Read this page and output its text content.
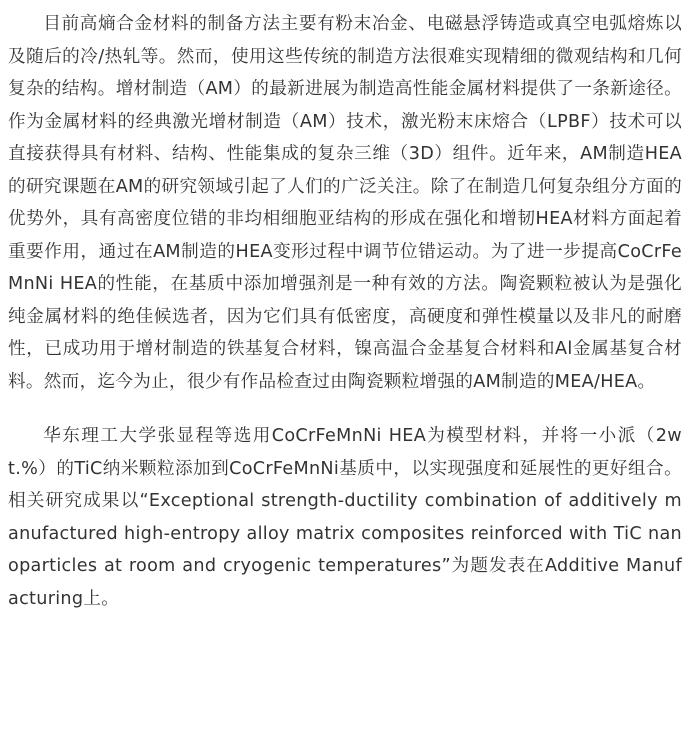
目前高熵合金材料的制备方法主要有粉末冶金、电磁悬浮铸造或真空电弧熔炼以及随后的冷/热轧等。然而，使用这些传统的制造方法很难实现精细的微观结构和几何复杂的结构。增材制造（AM）的最新进展为制造高性能金属材料提供了一条新途径。作为金属材料的经典激光增材制造（AM）技术，激光粉末床熔合（LPBF）技术可以直接获得具有材料、结构、性能集成的复杂三维（3D）组件。近年来，AM制造HEA的研究课题在AM的研究领域引起了人们的广泛关注。除了在制造几何复杂组分方面的优势外，具有高密度位错的非均相细胞亚结构的形成在强化和增韧HEA材料方面起着重要作用，通过在AM制造的HEA变形过程中调节位错运动。为了进一步提高CoCrFeMnNi HEA的性能，在基质中添加增强剂是一种有效的方法。陶瓷颗粒被认为是强化纯金属材料的绝佳候选者，因为它们具有低密度，高硬度和弹性模量以及非凡的耐磨性，已成功用于增材制造的铁基复合材料，镍高温合金基复合材料和Al金属基复合材料。然而，迄今为止，很少有作品检查过由陶瓷颗粒增强的AM制造的MEA/HEA。

华东理工大学张显程等选用CoCrFeMnNi HEA为模型材料，并将一小派（2wt.%）的TiC纳米颗粒添加到CoCrFeMnNi基质中，以实现强度和延展性的更好组合。相关研究成果以“Exceptional strength-ductility combination of additively manufactured high-entropy alloy matrix composites reinforced with TiC nanoparticles at room and cryogenic temperatures”为题发表在Additive Manufacturing上。
